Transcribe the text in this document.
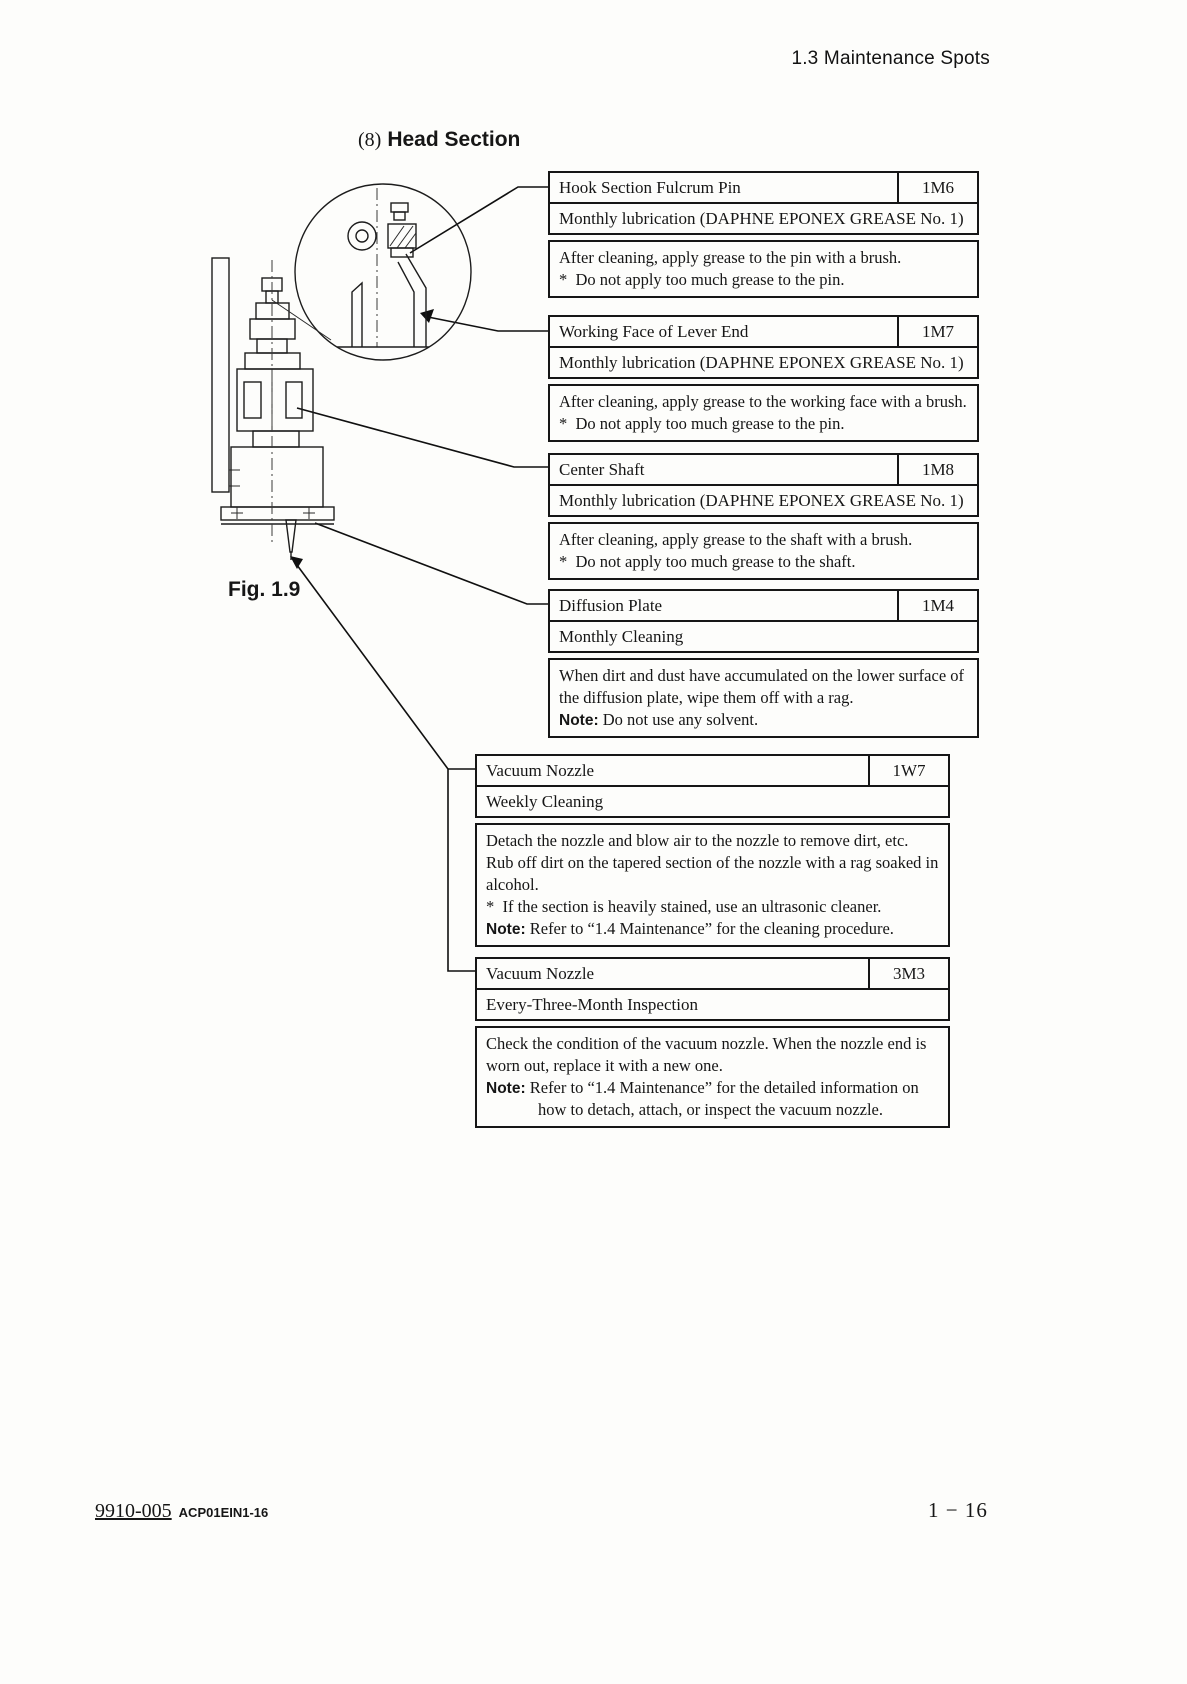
1.3 Maintenance Spots
(8) Head Section
Fig. 1.9
Hook Section Fulcrum Pin	1M6
Monthly lubrication (DAPHNE EPONEX GREASE No. 1)
After cleaning, apply grease to the pin with a brush.
*  Do not apply too much grease to the pin.
Working Face of Lever End	1M7
Monthly lubrication (DAPHNE EPONEX GREASE No. 1)
After cleaning, apply grease to the working face with a brush.
*  Do not apply too much grease to the pin.
Center Shaft	1M8
Monthly lubrication (DAPHNE EPONEX GREASE No. 1)
After cleaning, apply grease to the shaft with a brush.
*  Do not apply too much grease to the shaft.
Diffusion Plate	1M4
Monthly Cleaning
When dirt and dust have accumulated on the lower surface of
the diffusion plate, wipe them off with a rag.
Note: Do not use any solvent.
Vacuum Nozzle	1W7
Weekly Cleaning
Detach the nozzle and blow air to the nozzle to remove dirt, etc.
Rub off dirt on the tapered section of the nozzle with a rag soaked in
alcohol.
*  If the section is heavily stained, use an ultrasonic cleaner.
Note: Refer to “1.4 Maintenance” for the cleaning procedure.
Vacuum Nozzle	3M3
Every-Three-Month Inspection
Check the condition of the vacuum nozzle. When the nozzle end is
worn out, replace it with a new one.
Note: Refer to “1.4 Maintenance” for the detailed information on
how to detach, attach, or inspect the vacuum nozzle.
9910-005 ACP01EIN1-16	1 − 16
